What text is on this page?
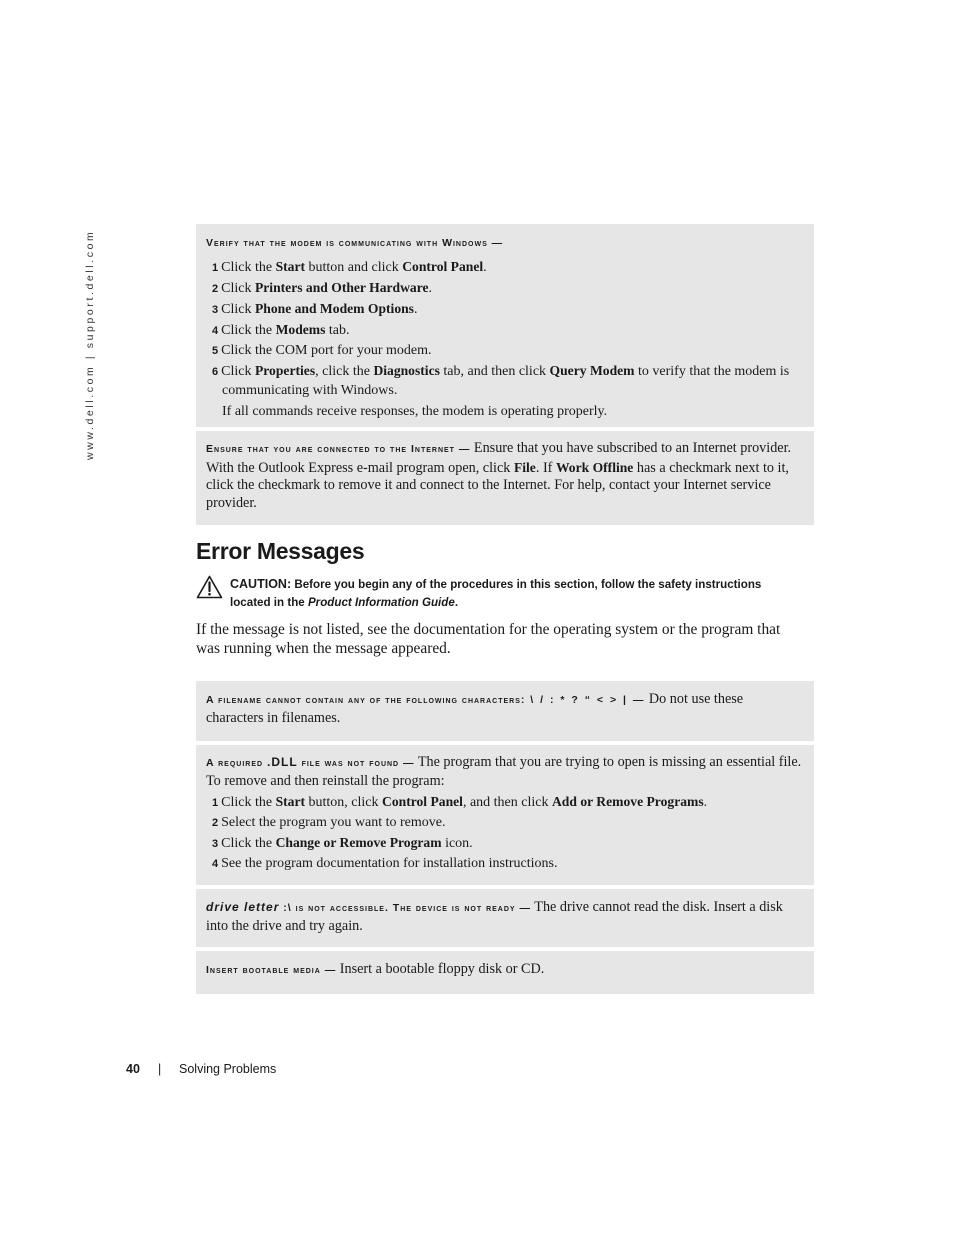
www.dell.com | support.dell.com	Verify that the modem is communicating with Windows —
1 Click the Start button and click Control Panel.
2 Click Printers and Other Hardware.
3 Click Phone and Modem Options.
4 Click the Modems tab.
5 Click the COM port for your modem.
6 Click Properties, click the Diagnostics tab, and then click Query Modem to verify that the modem is
communicating with Windows.
If all commands receive responses, the modem is operating properly.
Ensure that you are connected to the Internet — Ensure that you have subscribed to an Internet provider. With the Outlook Express e-mail program open, click File. If Work Offline has a checkmark next to it, click the checkmark to remove it and connect to the Internet. For help, contact your Internet service provider.
Error Messages
CAUTION: Before you begin any of the procedures in this section, follow the safety instructions
located in the Product Information Guide.
If the message is not listed, see the documentation for the operating system or the program that was running when the message appeared.
A filename cannot contain any of the following characters: \ / : * ? “ < > | — Do not use these characters in filenames.
A required .DLL file was not found — The program that you are trying to open is missing an essential file. To remove and then reinstall the program:
1 Click the Start button, click Control Panel, and then click Add or Remove Programs.
2 Select the program you want to remove.
3 Click the Change or Remove Program icon.
4 See the program documentation for installation instructions.
drive letter :\ is not accessible. The device is not ready — The drive cannot read the disk. Insert a disk into the drive and try again.
Insert bootable media — Insert a bootable floppy disk or CD.
40 | Solving Problems
